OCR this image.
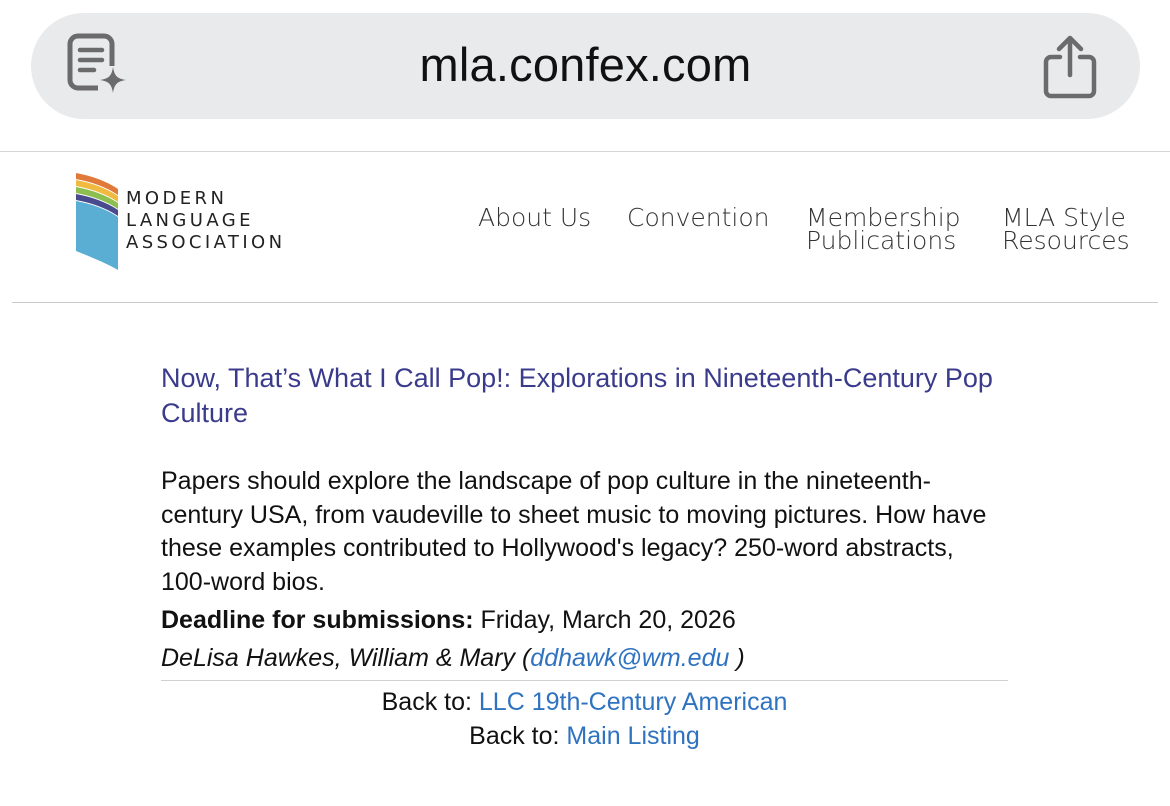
mla.confex.com
MODERN
LANGUAGE
ASSOCIATION
About Us Convention Membership
Publications
MLA Style
Resources
Now, That’s What I Call Pop!: Explorations in Nineteenth-Century Pop Culture
Papers should explore the landscape of pop culture in the nineteenth-century USA, from vaudeville to sheet music to moving pictures. How have these examples contributed to Hollywood's legacy? 250-word abstracts, 100-word bios.
Deadline for submissions: Friday, March 20, 2026
DeLisa Hawkes, William & Mary (ddhawk@wm.edu )
Back to: LLC 19th-Century American
Back to: Main Listing
